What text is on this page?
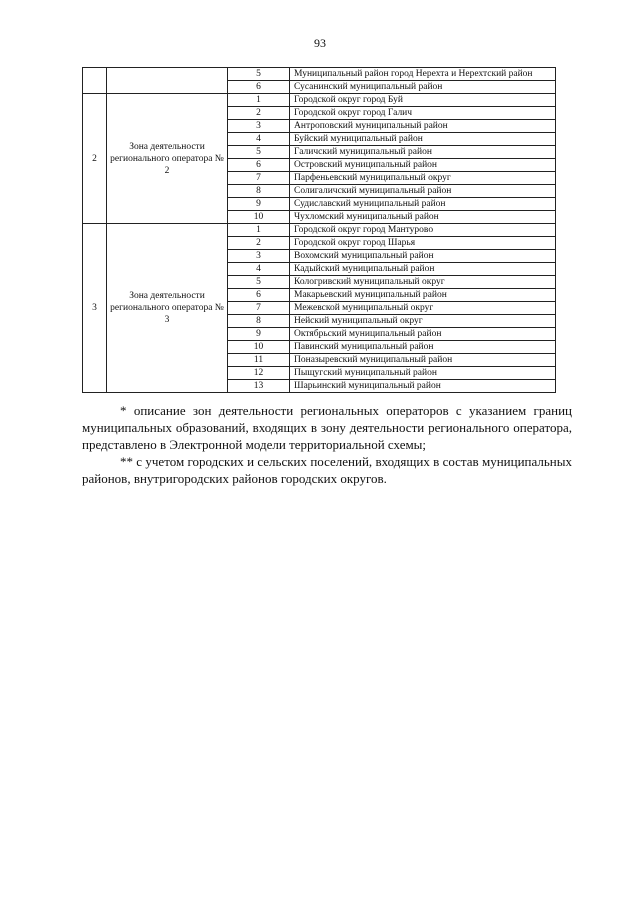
93
		5	Муниципальный район город Нерехта и Нерехтский район
		6	Сусанинский муниципальный район
2	Зона деятельности регионального оператора № 2	1	Городской округ город Буй
		2	Городской округ город Галич
		3	Антроповский муниципальный район
		4	Буйский муниципальный район
		5	Галичский муниципальный район
		6	Островский муниципальный район
		7	Парфеньевский муниципальный округ
		8	Солигаличский муниципальный район
		9	Судиславский муниципальный район
		10	Чухломский муниципальный район
3	Зона деятельности регионального оператора № 3	1	Городской округ город Мантурово
		2	Городской округ город Шарья
		3	Вохомский муниципальный район
		4	Кадыйский муниципальный район
		5	Кологривский муниципальный округ
		6	Макарьевский муниципальный район
		7	Межевской муниципальный округ
		8	Нейский муниципальный округ
		9	Октябрьский муниципальный район
		10	Павинский муниципальный район
		11	Поназыревский муниципальный район
		12	Пыщугский муниципальный район
		13	Шарьинский муниципальный район

* описание зон деятельности региональных операторов с указанием границ муниципальных образований, входящих в зону деятельности регионального оператора, представлено в Электронной модели территориальной схемы;

** с учетом городских и сельских поселений, входящих в состав муниципальных районов, внутригородских районов городских округов.
